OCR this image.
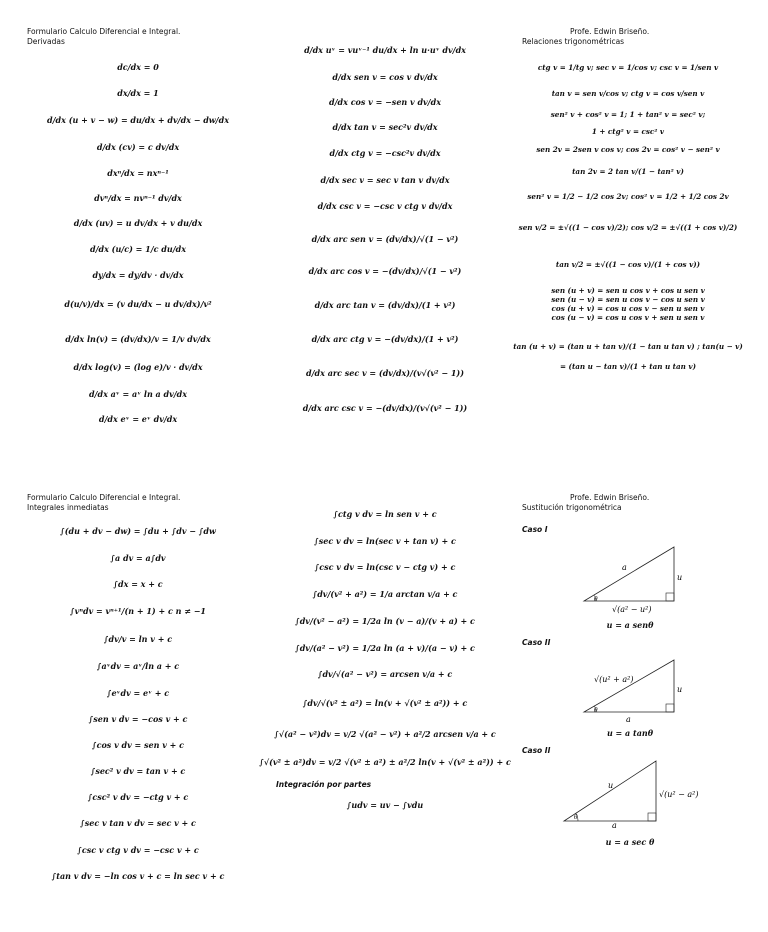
Formulario Calculo Diferencial e Integral.
Derivadas
Profe. Edwin Briseño.
Relaciones trigonométricas
dc/dx = 0
dx/dx = 1
d/dx (u + v − w) = du/dx + dv/dx − dw/dx
d/dx (cv) = c dv/dx
dxⁿ/dx = nxⁿ⁻¹
dvⁿ/dx = nvⁿ⁻¹ dv/dx
d/dx (uv) = u dv/dx + v du/dx
d/dx (u/c) = 1/c du/dx
dy/dx = dy/dv · dv/dx
d(u/v)/dx = (v du/dx − u dv/dx)/v²
d/dx ln(v) = (dv/dx)/v = 1/v dv/dx
d/dx log(v) = (log e)/v · dv/dx
d/dx aᵛ = aᵛ ln a dv/dx
d/dx eᵛ = eᵛ dv/dx
d/dx uᵛ = vuᵛ⁻¹ du/dx + ln u·uᵛ dv/dx
d/dx sen v = cos v dv/dx
d/dx cos v = −sen v dv/dx
d/dx tan v = sec²v dv/dx
d/dx ctg v = −csc²v dv/dx
d/dx sec v = sec v tan v dv/dx
d/dx csc v = −csc v ctg v dv/dx
d/dx arc sen v = (dv/dx)/√(1 − v²)
d/dx arc cos v = −(dv/dx)/√(1 − v²)
d/dx arc tan v = (dv/dx)/(1 + v²)
d/dx arc ctg v = −(dv/dx)/(1 + v²)
d/dx arc sec v = (dv/dx)/(v√(v² − 1))
d/dx arc csc v = −(dv/dx)/(v√(v² − 1))
ctg v = 1/tg v; sec v = 1/cos v; csc v = 1/sen v
tan v = sen v/cos v; ctg v = cos v/sen v
sen² v + cos² v = 1; 1 + tan² v = sec² v;
1 + ctg² v = csc² v
sen 2v = 2sen v cos v; cos 2v = cos² v − sen² v
tan 2v = 2 tan v/(1 − tan² v)
sen² v = 1/2 − 1/2 cos 2v; cos² v = 1/2 + 1/2 cos 2v
sen v/2 = ±√((1 − cos v)/2); cos v/2 = ±√((1 + cos v)/2)
tan v/2 = ±√((1 − cos v)/(1 + cos v))
sen (u + v) = sen u cos v + cos u sen v
sen (u − v) = sen u cos v − cos u sen v
cos (u + v) = cos u cos v − sen u sen v
cos (u − v) = cos u cos v + sen u sen v
tan (u + v) = (tan u + tan v)/(1 − tan u tan v) ; tan(u − v)
= (tan u − tan v)/(1 + tan u tan v)
Formulario Calculo Diferencial e Integral.
Integrales inmediatas
Profe. Edwin Briseño.
Sustitución trigonométrica
∫(du + dv − dw) = ∫du + ∫dv − ∫dw
∫a dv = a∫dv
∫dx = x + c
∫vⁿdv = vⁿ⁺¹/(n + 1) + c n ≠ −1
∫dv/v = ln v + c
∫aᵛdv = aᵛ/ln a + c
∫eᵛdv = eᵛ + c
∫sen v dv = −cos v + c
∫cos v dv = sen v + c
∫sec² v dv = tan v + c
∫csc² v dv = −ctg v + c
∫sec v tan v dv = sec v + c
∫csc v ctg v dv = −csc v + c
∫tan v dv = −ln cos v + c = ln sec v + c
∫ctg v dv = ln sen v + c
∫sec v dv = ln(sec v + tan v) + c
∫csc v dv = ln(csc v − ctg v) + c
∫dv/(v² + a²) = 1/a arctan v/a + c
∫dv/(v² − a²) = 1/2a ln (v − a)/(v + a) + c
∫dv/(a² − v²) = 1/2a ln (a + v)/(a − v) + c
∫dv/√(a² − v²) = arcsen v/a + c
∫dv/√(v² ± a²) = ln(v + √(v² ± a²)) + c
∫√(a² − v²)dv = v/2 √(a² − v²) + a²/2 arcsen v/a + c
∫√(v² ± a²)dv = v/2 √(v² ± a²) ± a²/2 ln(v + √(v² ± a²)) + c
Integración por partes
∫udv = uv − ∫vdu
Caso I
a
u
√(a² − u²)
θ
u = a senθ
Caso II
√(u² + a²)
u
a
θ
u = a tanθ
Caso II
u
√(u² − a²)
a
θ
u = a sec θ
